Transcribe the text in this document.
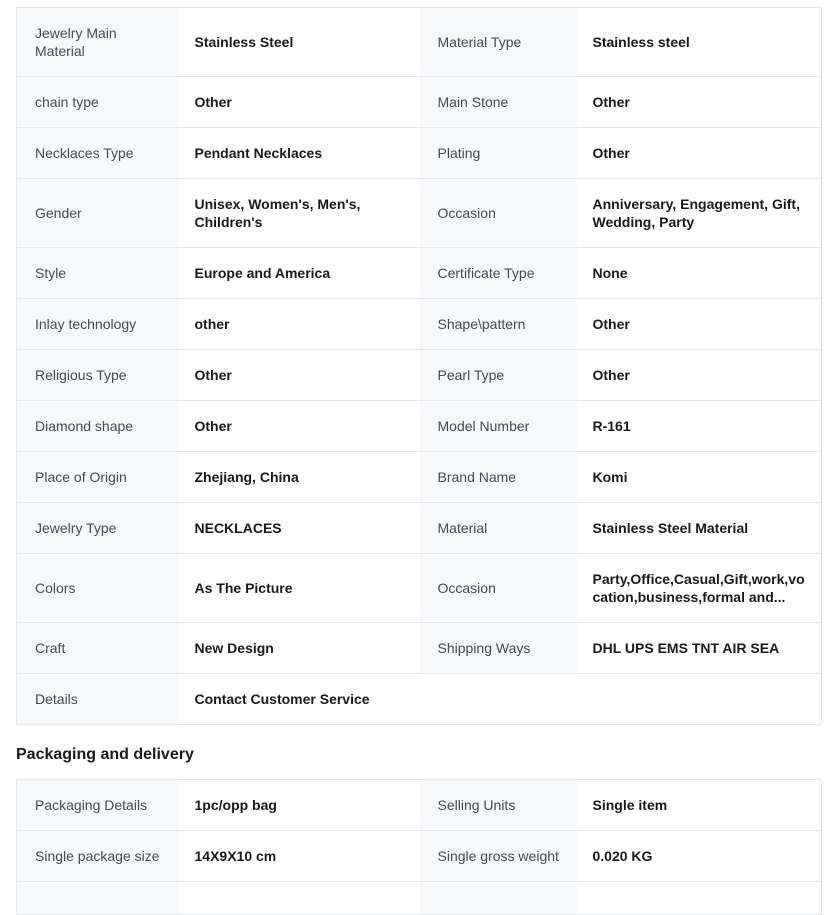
Jewelry Main Material	Stainless Steel	Material Type	Stainless steel
chain type	Other	Main Stone	Other
Necklaces Type	Pendant Necklaces	Plating	Other
Gender	Unisex, Women's, Men's, Children's	Occasion	Anniversary, Engagement, Gift, Wedding, Party
Style	Europe and America	Certificate Type	None
Inlay technology	other	Shape\pattern	Other
Religious Type	Other	Pearl Type	Other
Diamond shape	Other	Model Number	R-161
Place of Origin	Zhejiang, China	Brand Name	Komi
Jewelry Type	NECKLACES	Material	Stainless Steel Material
Colors	As The Picture	Occasion	Party,Office,Casual,Gift,work,vocation,business,formal and...
Craft	New Design	Shipping Ways	DHL UPS EMS TNT AIR SEA
Details	Contact Customer Service		
Packaging and delivery
Packaging Details	1pc/opp bag	Selling Units	Single item
Single package size	14X9X10 cm	Single gross weight	0.020 KG
